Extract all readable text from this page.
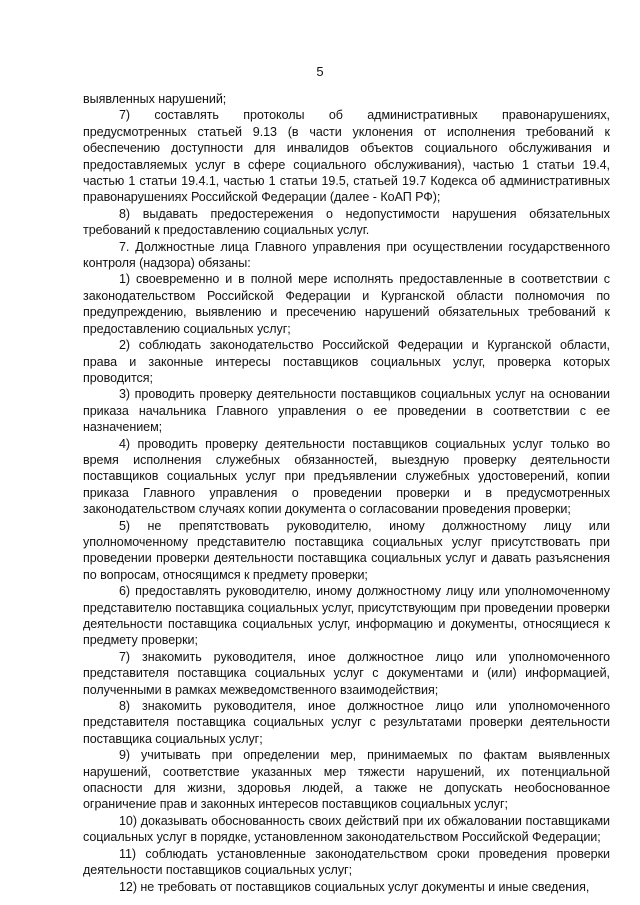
5

выявленных нарушений;

7) составлять протоколы об административных правонарушениях, предусмотренных статьей 9.13 (в части уклонения от исполнения требований к обеспечению доступности для инвалидов объектов социального обслуживания и предоставляемых услуг в сфере социального обслуживания), частью 1 статьи 19.4, частью 1 статьи 19.4.1, частью 1 статьи 19.5, статьей 19.7 Кодекса об административных правонарушениях Российской Федерации (далее - КоАП РФ);

8) выдавать предостережения о недопустимости нарушения обязательных требований к предоставлению социальных услуг.

7. Должностные лица Главного управления при осуществлении государственного контроля (надзора) обязаны:

1) своевременно и в полной мере исполнять предоставленные в соответствии с законодательством Российской Федерации и Курганской области полномочия по предупреждению, выявлению и пресечению нарушений обязательных требований к предоставлению социальных услуг;

2) соблюдать законодательство Российской Федерации и Курганской области, права и законные интересы поставщиков социальных услуг, проверка которых проводится;

3) проводить проверку деятельности поставщиков социальных услуг на основании приказа начальника Главного управления о ее проведении в соответствии с ее назначением;

4) проводить проверку деятельности поставщиков социальных услуг только во время исполнения служебных обязанностей, выездную проверку деятельности поставщиков социальных услуг при предъявлении служебных удостоверений, копии приказа Главного управления о проведении проверки и в предусмотренных законодательством случаях копии документа о согласовании проведения проверки;

5) не препятствовать руководителю, иному должностному лицу или уполномоченному представителю поставщика социальных услуг присутствовать при проведении проверки деятельности поставщика социальных услуг и давать разъяснения по вопросам, относящимся к предмету проверки;

6) предоставлять руководителю, иному должностному лицу или уполномоченному представителю поставщика социальных услуг, присутствующим при проведении проверки деятельности поставщика социальных услуг, информацию и документы, относящиеся к предмету проверки;

7) знакомить руководителя, иное должностное лицо или уполномоченного представителя поставщика социальных услуг с документами и (или) информацией, полученными в рамках межведомственного взаимодействия;

8) знакомить руководителя, иное должностное лицо или уполномоченного представителя поставщика социальных услуг с результатами проверки деятельности поставщика социальных услуг;

9) учитывать при определении мер, принимаемых по фактам выявленных нарушений, соответствие указанных мер тяжести нарушений, их потенциальной опасности для жизни, здоровья людей, а также не допускать необоснованное ограничение прав и законных интересов поставщиков социальных услуг;

10) доказывать обоснованность своих действий при их обжаловании поставщиками социальных услуг в порядке, установленном законодательством Российской Федерации;

11) соблюдать установленные законодательством сроки проведения проверки деятельности поставщиков социальных услуг;

12) не требовать от поставщиков социальных услуг документы и иные сведения,
